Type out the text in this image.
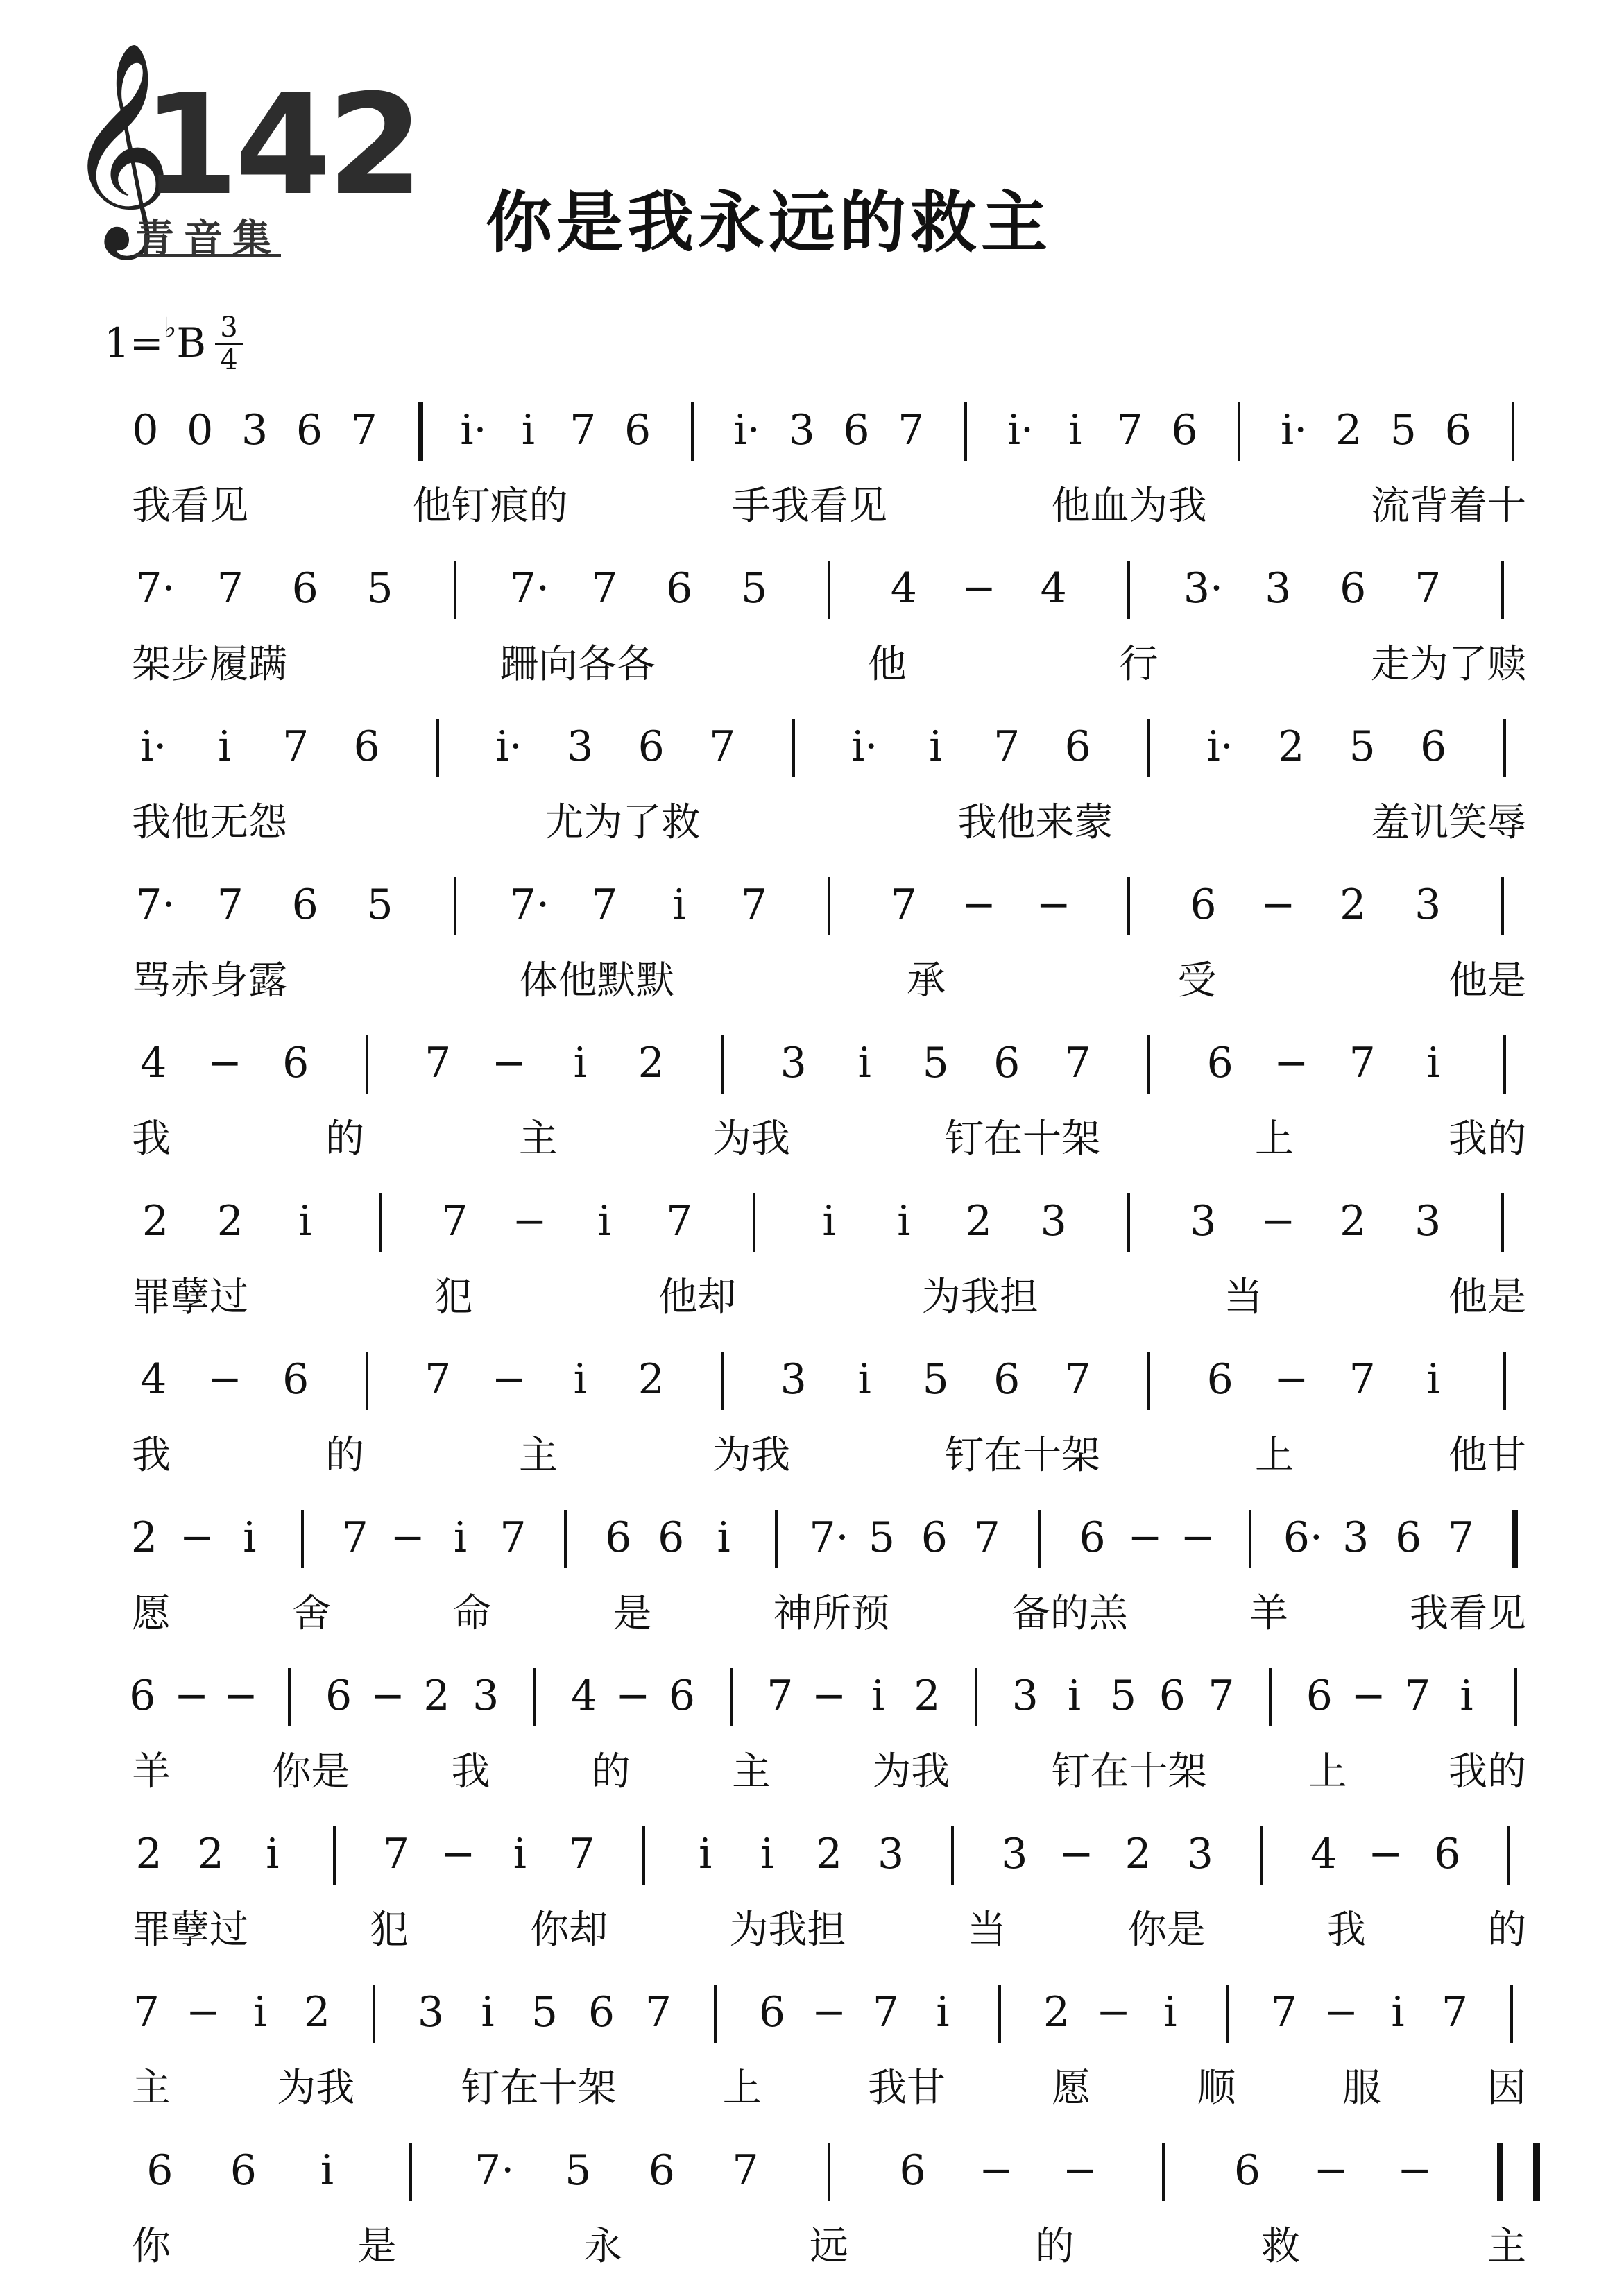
𝄞
142
青音集	你是我永远的救主
1=♭B 3
4
0 0 3 6 7	i· i 7 6	i· 3 6 7	i· i 7 6	i· 2 5 6
我看见	他钉痕的	手我看见	他血为我	流背着十
7·	7	6	5	7·	7	6	5	4	−	4	3·	3	6	7
架步履蹒	跚向各各	他	行	走为了赎
i·	i	7	6	i·	3	6	7	i·	i	7	6	i·	2	5	6
我他无怨	尤为了救	我他来蒙	羞讥笑辱
7·	7	6	5	7·	7	i	7	7	− −	6	−	2	3
骂赤身露	体他默默	承	受	他是
4 − 6	7 −	i	2	3	i	5	6	7	6 − 7	i
我	的	主	为我	钉在十架	上	我的
2	2	i	7	−	i	7	i	i	2	3	3	−	2	3
罪孽过	犯	他却	为我担	当	他是
4 − 6	7 −	i	2	3	i	5	6	7	6 − 7	i
我	的	主	为我	钉在十架	上	他甘
2 − i	7 − i 7	6 6 i	7· 5 6 7	6 − − 6· 3 6 7
愿	舍	命	是	神所预	备的羔	羊	我看见
6 − −	6 − 2 3	4 − 6	7 − i 2	3 i 5 6 7	6 − 7 i
羊	你是	我	的	主	为我	钉在十架	上	我的
2 2	i	7 − i	7	i	i	2 3	3 − 2 3	4 − 6
罪孽过	犯	你却	为我担	当	你是	我	的
7 − i 2	3 i 5 6 7	6 − 7 i	2 − i	7 − i 7
主	为我	钉在十架	上	我甘	愿	顺	服	因
6	6	i	7·	5	6	7	6	− −	6	− −
你	是	永	远	的	救	主
